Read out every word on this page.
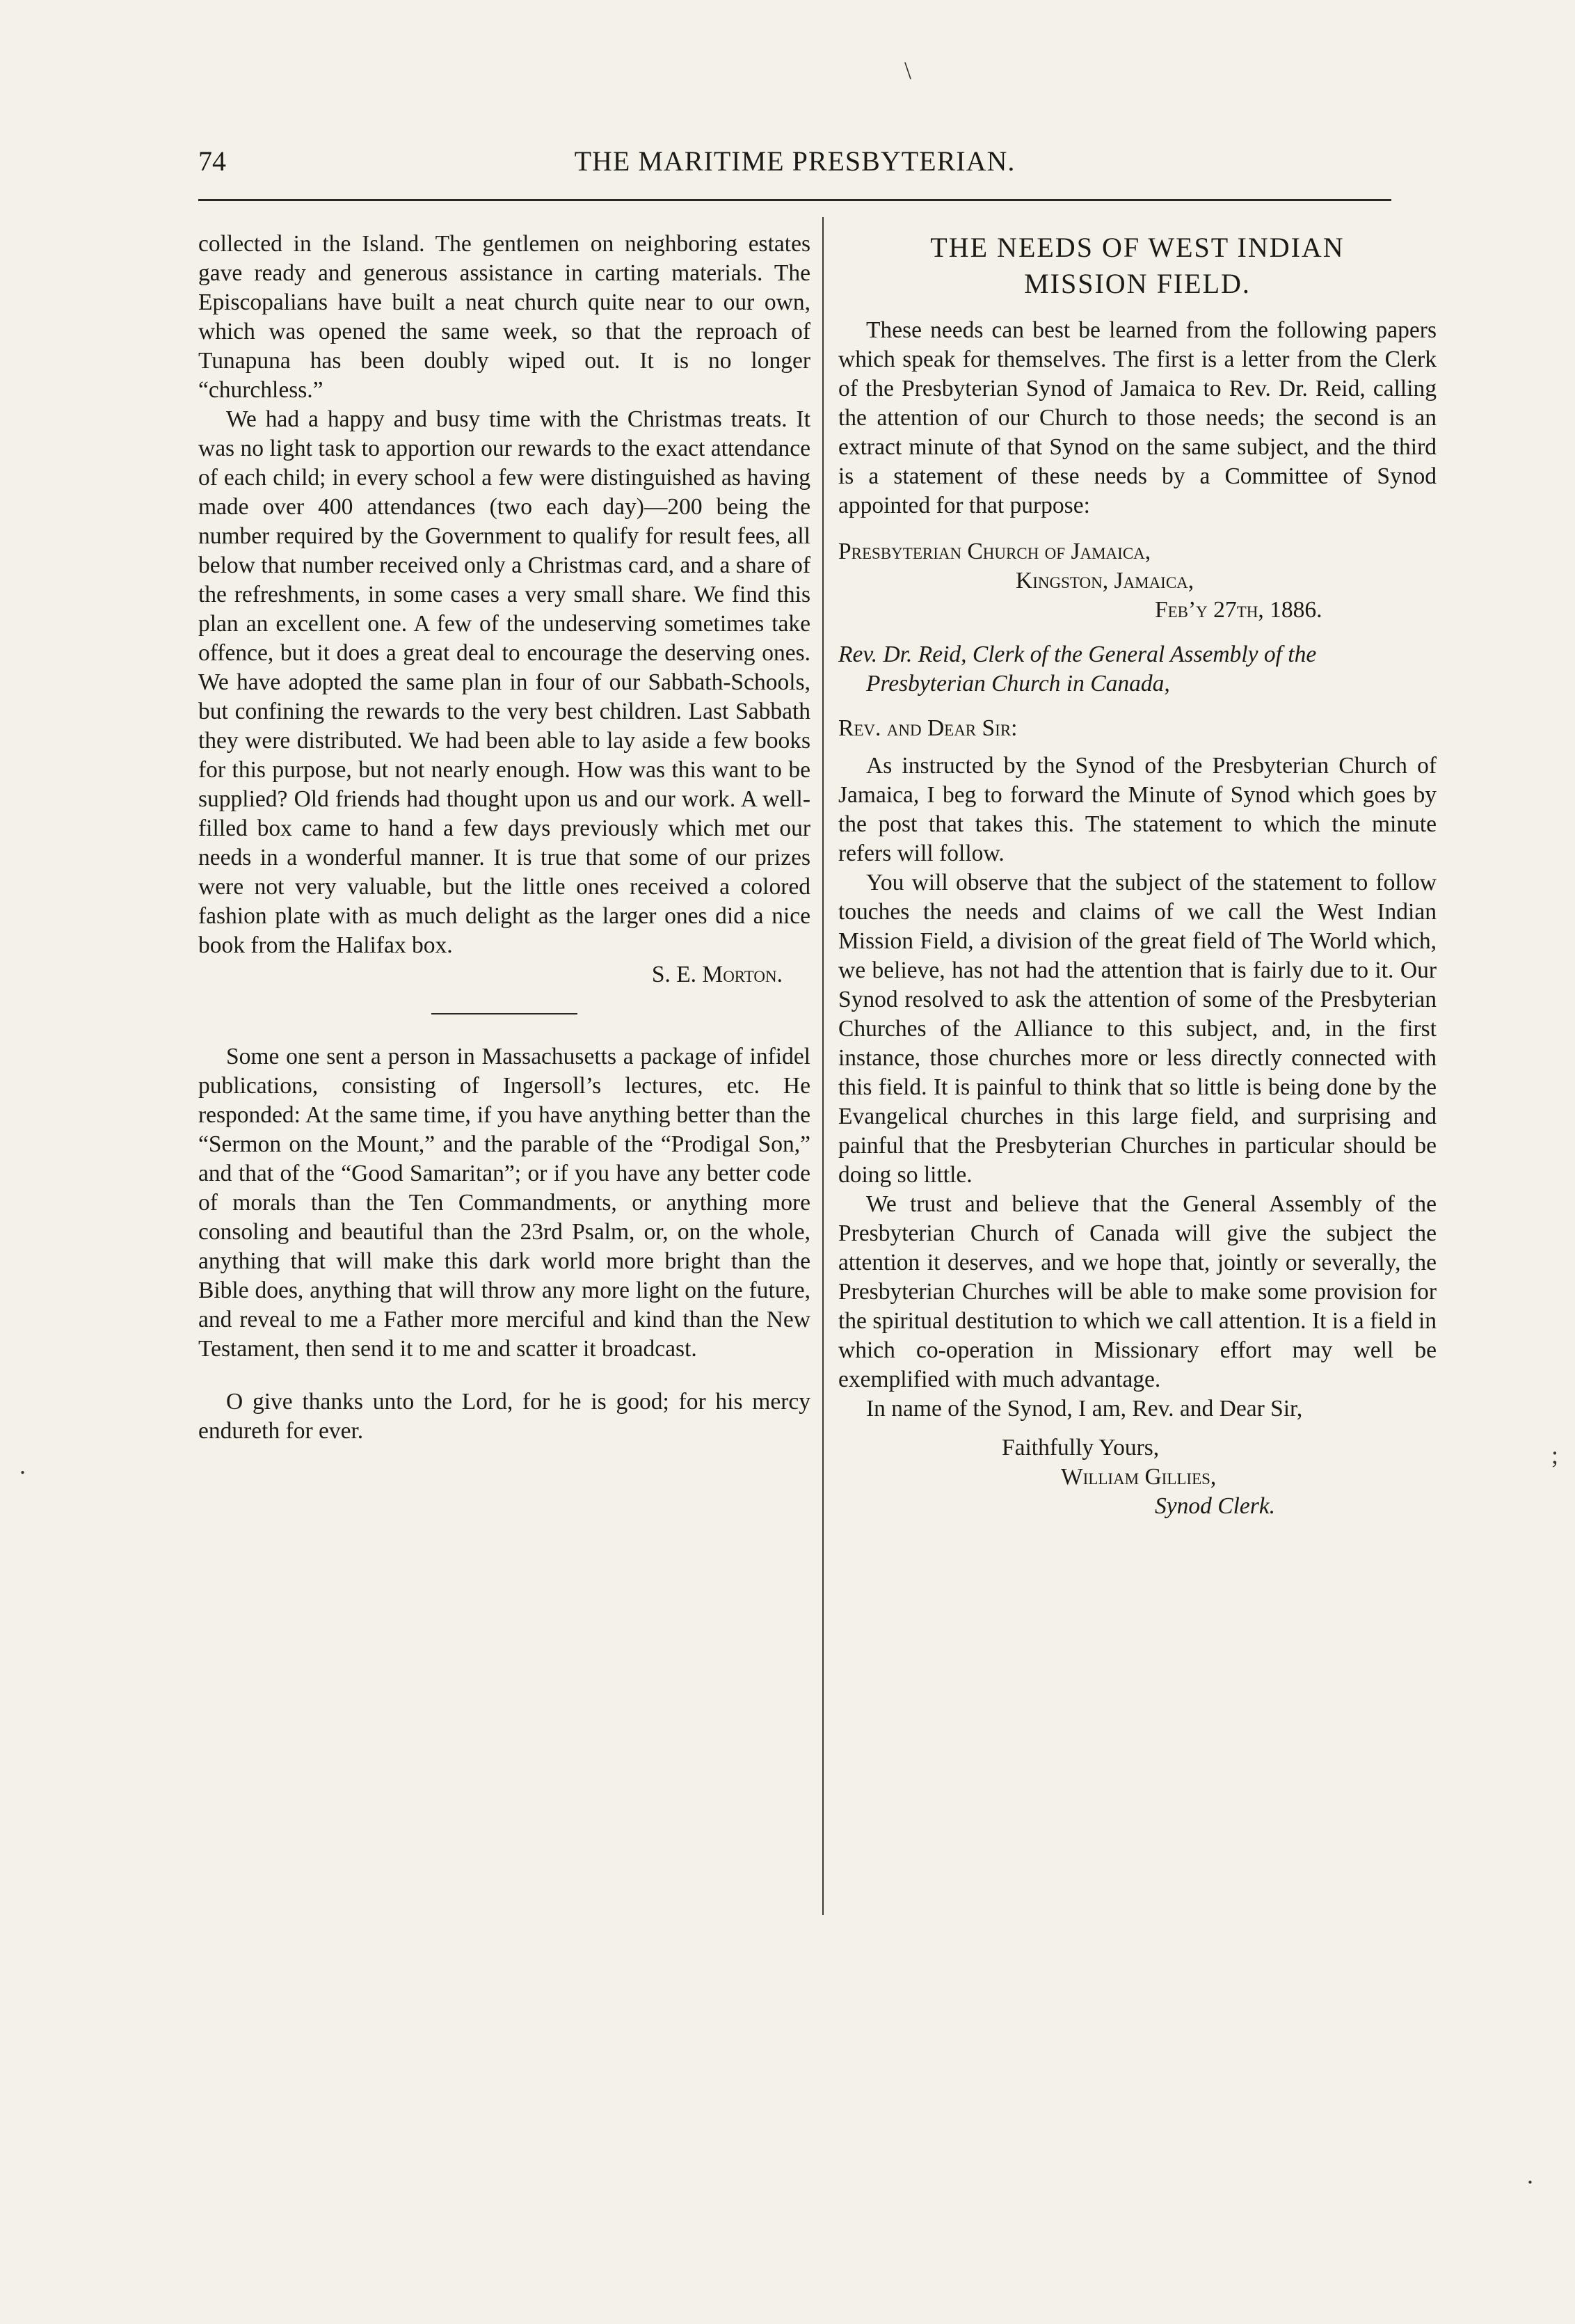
74	THE MARITIME PRESBYTERIAN.

collected in the Island. The gentlemen on neighboring estates gave ready and generous assistance in carting materials. The Episcopalians have built a neat church quite near to our own, which was opened the same week, so that the reproach of Tunapuna has been doubly wiped out. It is no longer “churchless.”

We had a happy and busy time with the Christmas treats. It was no light task to apportion our rewards to the exact attendance of each child; in every school a few were distinguished as having made over 400 attendances (two each day)—200 being the number required by the Government to qualify for result fees, all below that number received only a Christmas card, and a share of the refreshments, in some cases a very small share. We find this plan an excellent one. A few of the undeserving sometimes take offence, but it does a great deal to encourage the deserving ones. We have adopted the same plan in four of our Sabbath-Schools, but confining the rewards to the very best children. Last Sabbath they were distributed. We had been able to lay aside a few books for this purpose, but not nearly enough. How was this want to be supplied? Old friends had thought upon us and our work. A well-filled box came to hand a few days previously which met our needs in a wonderful manner. It is true that some of our prizes were not very valuable, but the little ones received a colored fashion plate with as much delight as the larger ones did a nice book from the Halifax box.

S. E. Morton.

Some one sent a person in Massachusetts a package of infidel publications, consisting of Ingersoll’s lectures, etc. He responded: At the same time, if you have anything better than the “Sermon on the Mount,” and the parable of the “Prodigal Son,” and that of the “Good Samaritan”; or if you have any better code of morals than the Ten Commandments, or anything more consoling and beautiful than the 23rd Psalm, or, on the whole, anything that will make this dark world more bright than the Bible does, anything that will throw any more light on the future, and reveal to me a Father more merciful and kind than the New Testament, then send it to me and scatter it broadcast.

O give thanks unto the Lord, for he is good; for his mercy endureth for ever.

THE NEEDS OF WEST INDIAN
MISSION FIELD.

These needs can best be learned from the following papers which speak for themselves. The first is a letter from the Clerk of the Presbyterian Synod of Jamaica to Rev. Dr. Reid, calling the attention of our Church to those needs; the second is an extract minute of that Synod on the same subject, and the third is a statement of these needs by a Committee of Synod appointed for that purpose:

Presbyterian Church of Jamaica,
Kingston, Jamaica,
Feb’y 27th, 1886.
Rev. Dr. Reid, Clerk of the General Assembly of the Presbyterian Church in Canada,
Rev. and Dear Sir:

As instructed by the Synod of the Presbyterian Church of Jamaica, I beg to forward the Minute of Synod which goes by the post that takes this. The statement to which the minute refers will follow.

You will observe that the subject of the statement to follow touches the needs and claims of we call the West Indian Mission Field, a division of the great field of The World which, we believe, has not had the attention that is fairly due to it. Our Synod resolved to ask the attention of some of the Presbyterian Churches of the Alliance to this subject, and, in the first instance, those churches more or less directly connected with this field. It is painful to think that so little is being done by the Evangelical churches in this large field, and surprising and painful that the Presbyterian Churches in particular should be doing so little.

We trust and believe that the General Assembly of the Presbyterian Church of Canada will give the subject the attention it deserves, and we hope that, jointly or severally, the Presbyterian Churches will be able to make some provision for the spiritual destitution to which we call attention. It is a field in which co-operation in Missionary effort may well be exemplified with much advantage.

In name of the Synod, I am, Rev. and Dear Sir,

Faithfully Yours,
William Gillies,
Synod Clerk.
\
;
.
.
